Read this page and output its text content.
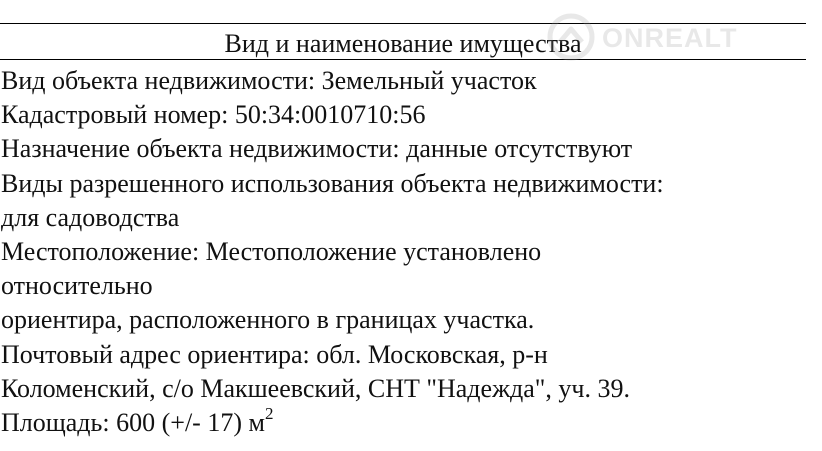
Вид и наименование имущества
Вид объекта недвижимости: Земельный участок
Кадастровый номер: 50:34:0010710:56
Назначение объекта недвижимости: данные отсутствуют
Виды разрешенного использования объекта недвижимости:
для садоводства
Местоположение: Местоположение установлено
относительно
ориентира, расположенного в границах участка.
Почтовый адрес ориентира: обл. Московская, р-н
Коломенский, с/о Макшеевский, СНТ "Надежда", уч. 39.
Площадь: 600 (+/- 17) $м^2$
ONREALT
